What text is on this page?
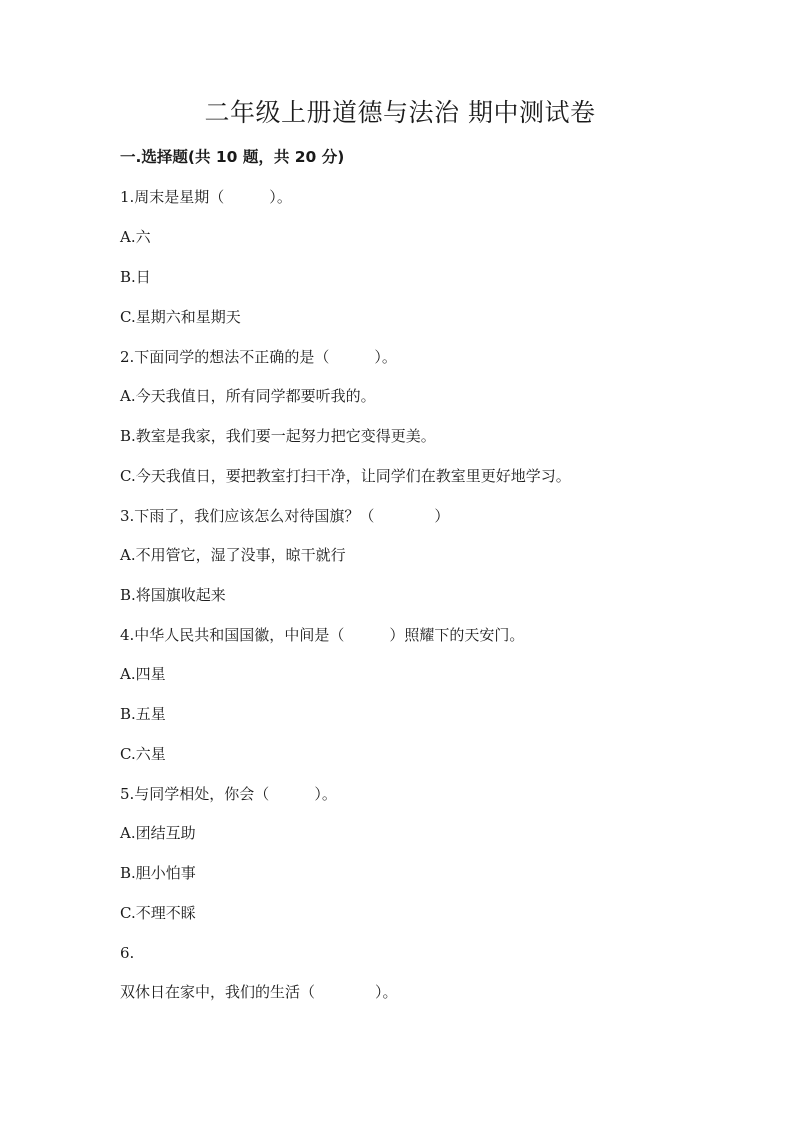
二年级上册道德与法治 期中测试卷
一.选择题(共 10 题，共 20 分)
1.周末是星期（　　　）。
A.六
B.日
C.星期六和星期天
2.下面同学的想法不正确的是（　　　）。
A.今天我值日，所有同学都要听我的。
B.教室是我家，我们要一起努力把它变得更美。
C.今天我值日，要把教室打扫干净，让同学们在教室里更好地学习。
3.下雨了，我们应该怎么对待国旗？（　　　　）
A.不用管它，湿了没事，晾干就行
B.将国旗收起来
4.中华人民共和国国徽，中间是（　　　）照耀下的天安门。
A.四星
B.五星
C.六星
5.与同学相处，你会（　　　）。
A.团结互助
B.胆小怕事
C.不理不睬
6.
双休日在家中，我们的生活（　　　　）。
